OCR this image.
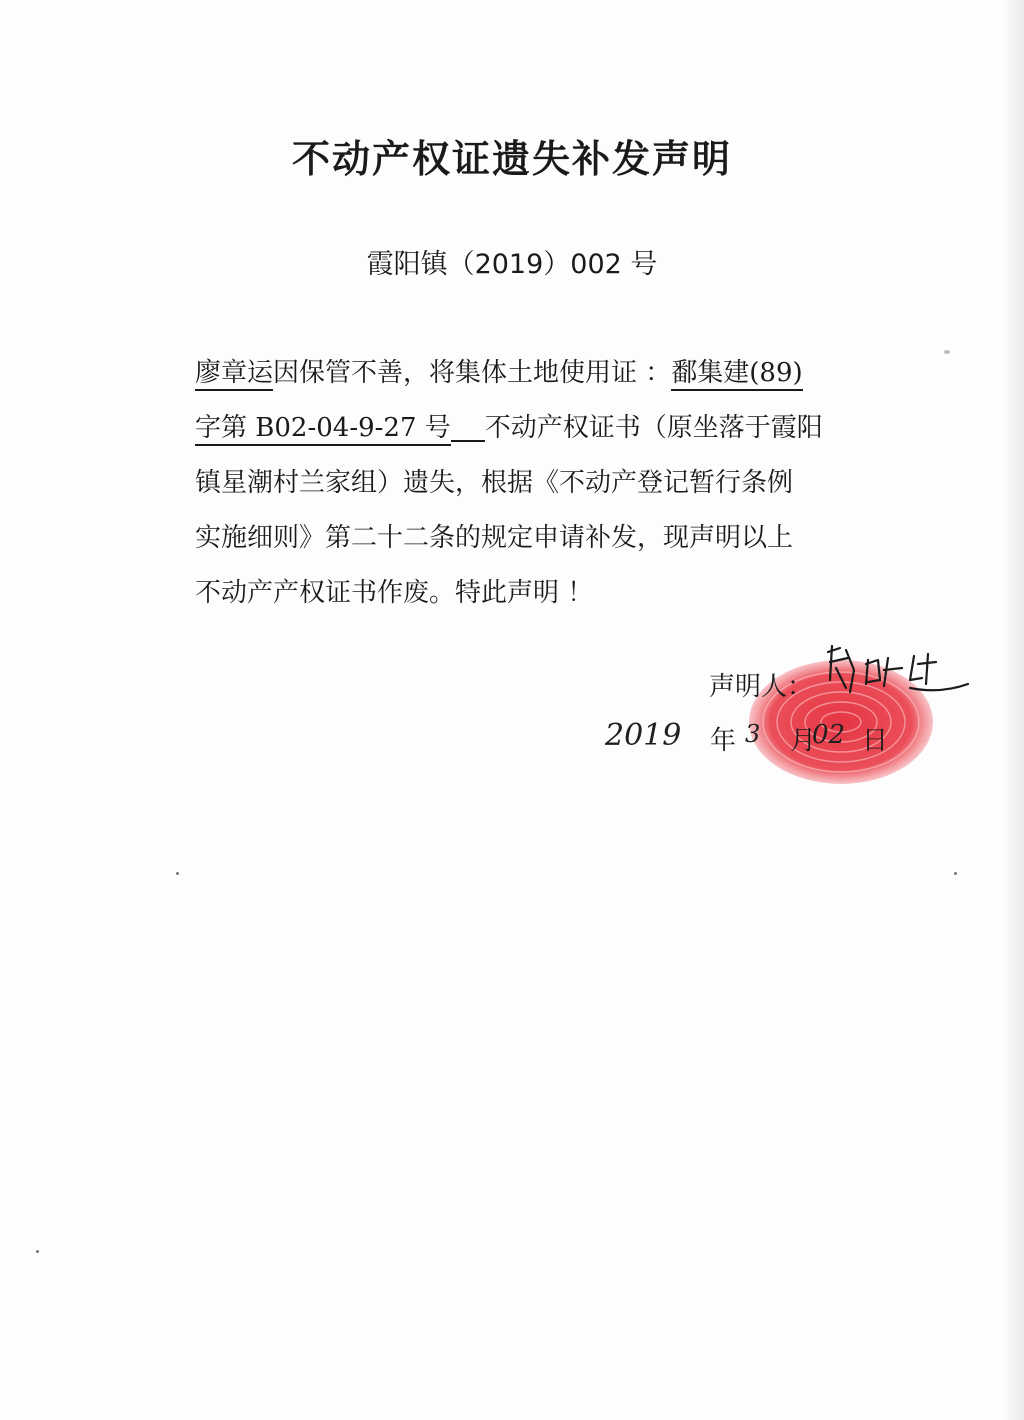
不动产权证遗失补发声明
霞阳镇（2019）002 号
廖章运因保管不善，将集体土地使用证 ：鄱集建(89)
字第 B02-04-9-27 号 不动产权证书（原坐落于霞阳
镇星潮村兰家组）遗失，根据《不动产登记暂行条例
实施细则》第二十二条的规定申请补发，现声明以上
不动产产权证书作废。特此声明 ！
声明人：
2019 年 3 月
02 日
